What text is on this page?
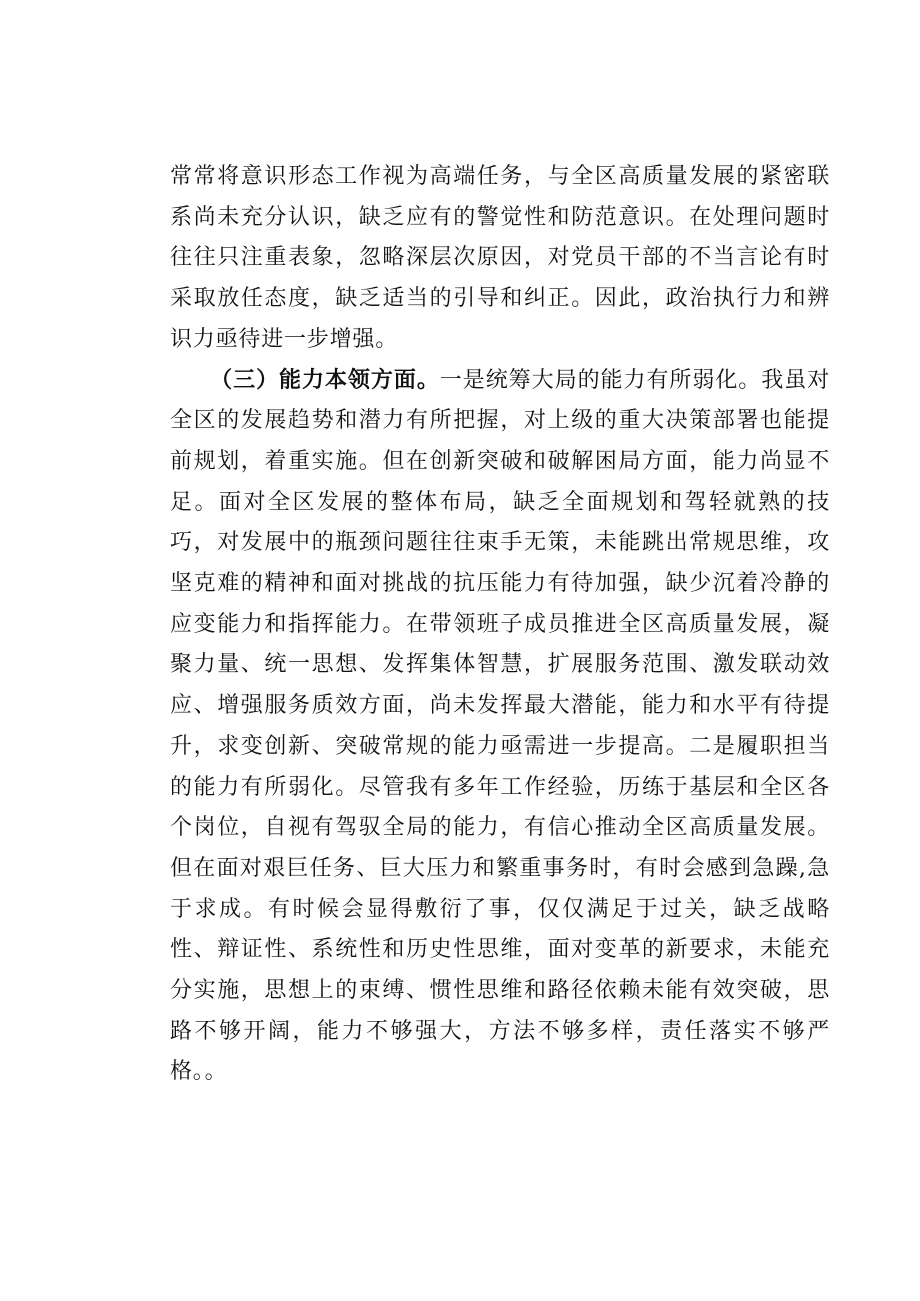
常常将意识形态工作视为高端任务，与全区高质量发展的紧密联系尚未充分认识，缺乏应有的警觉性和防范意识。在处理问题时往往只注重表象，忽略深层次原因，对党员干部的不当言论有时采取放任态度，缺乏适当的引导和纠正。因此，政治执行力和辨识力亟待进一步增强。

（三）能力本领方面。一是统筹大局的能力有所弱化。我虽对全区的发展趋势和潜力有所把握，对上级的重大决策部署也能提前规划，着重实施。但在创新突破和破解困局方面，能力尚显不足。面对全区发展的整体布局，缺乏全面规划和驾轻就熟的技巧，对发展中的瓶颈问题往往束手无策，未能跳出常规思维，攻坚克难的精神和面对挑战的抗压能力有待加强，缺少沉着冷静的应变能力和指挥能力。在带领班子成员推进全区高质量发展，凝聚力量、统一思想、发挥集体智慧，扩展服务范围、激发联动效应、增强服务质效方面，尚未发挥最大潜能，能力和水平有待提升，求变创新、突破常规的能力亟需进一步提高。二是履职担当的能力有所弱化。尽管我有多年工作经验，历练于基层和全区各个岗位，自视有驾驭全局的能力，有信心推动全区高质量发展。但在面对艰巨任务、巨大压力和繁重事务时，有时会感到急躁,急于求成。有时候会显得敷衍了事，仅仅满足于过关，缺乏战略性、辩证性、系统性和历史性思维，面对变革的新要求，未能充分实施，思想上的束缚、惯性思维和路径依赖未能有效突破，思路不够开阔，能力不够强大，方法不够多样，责任落实不够严格。。
